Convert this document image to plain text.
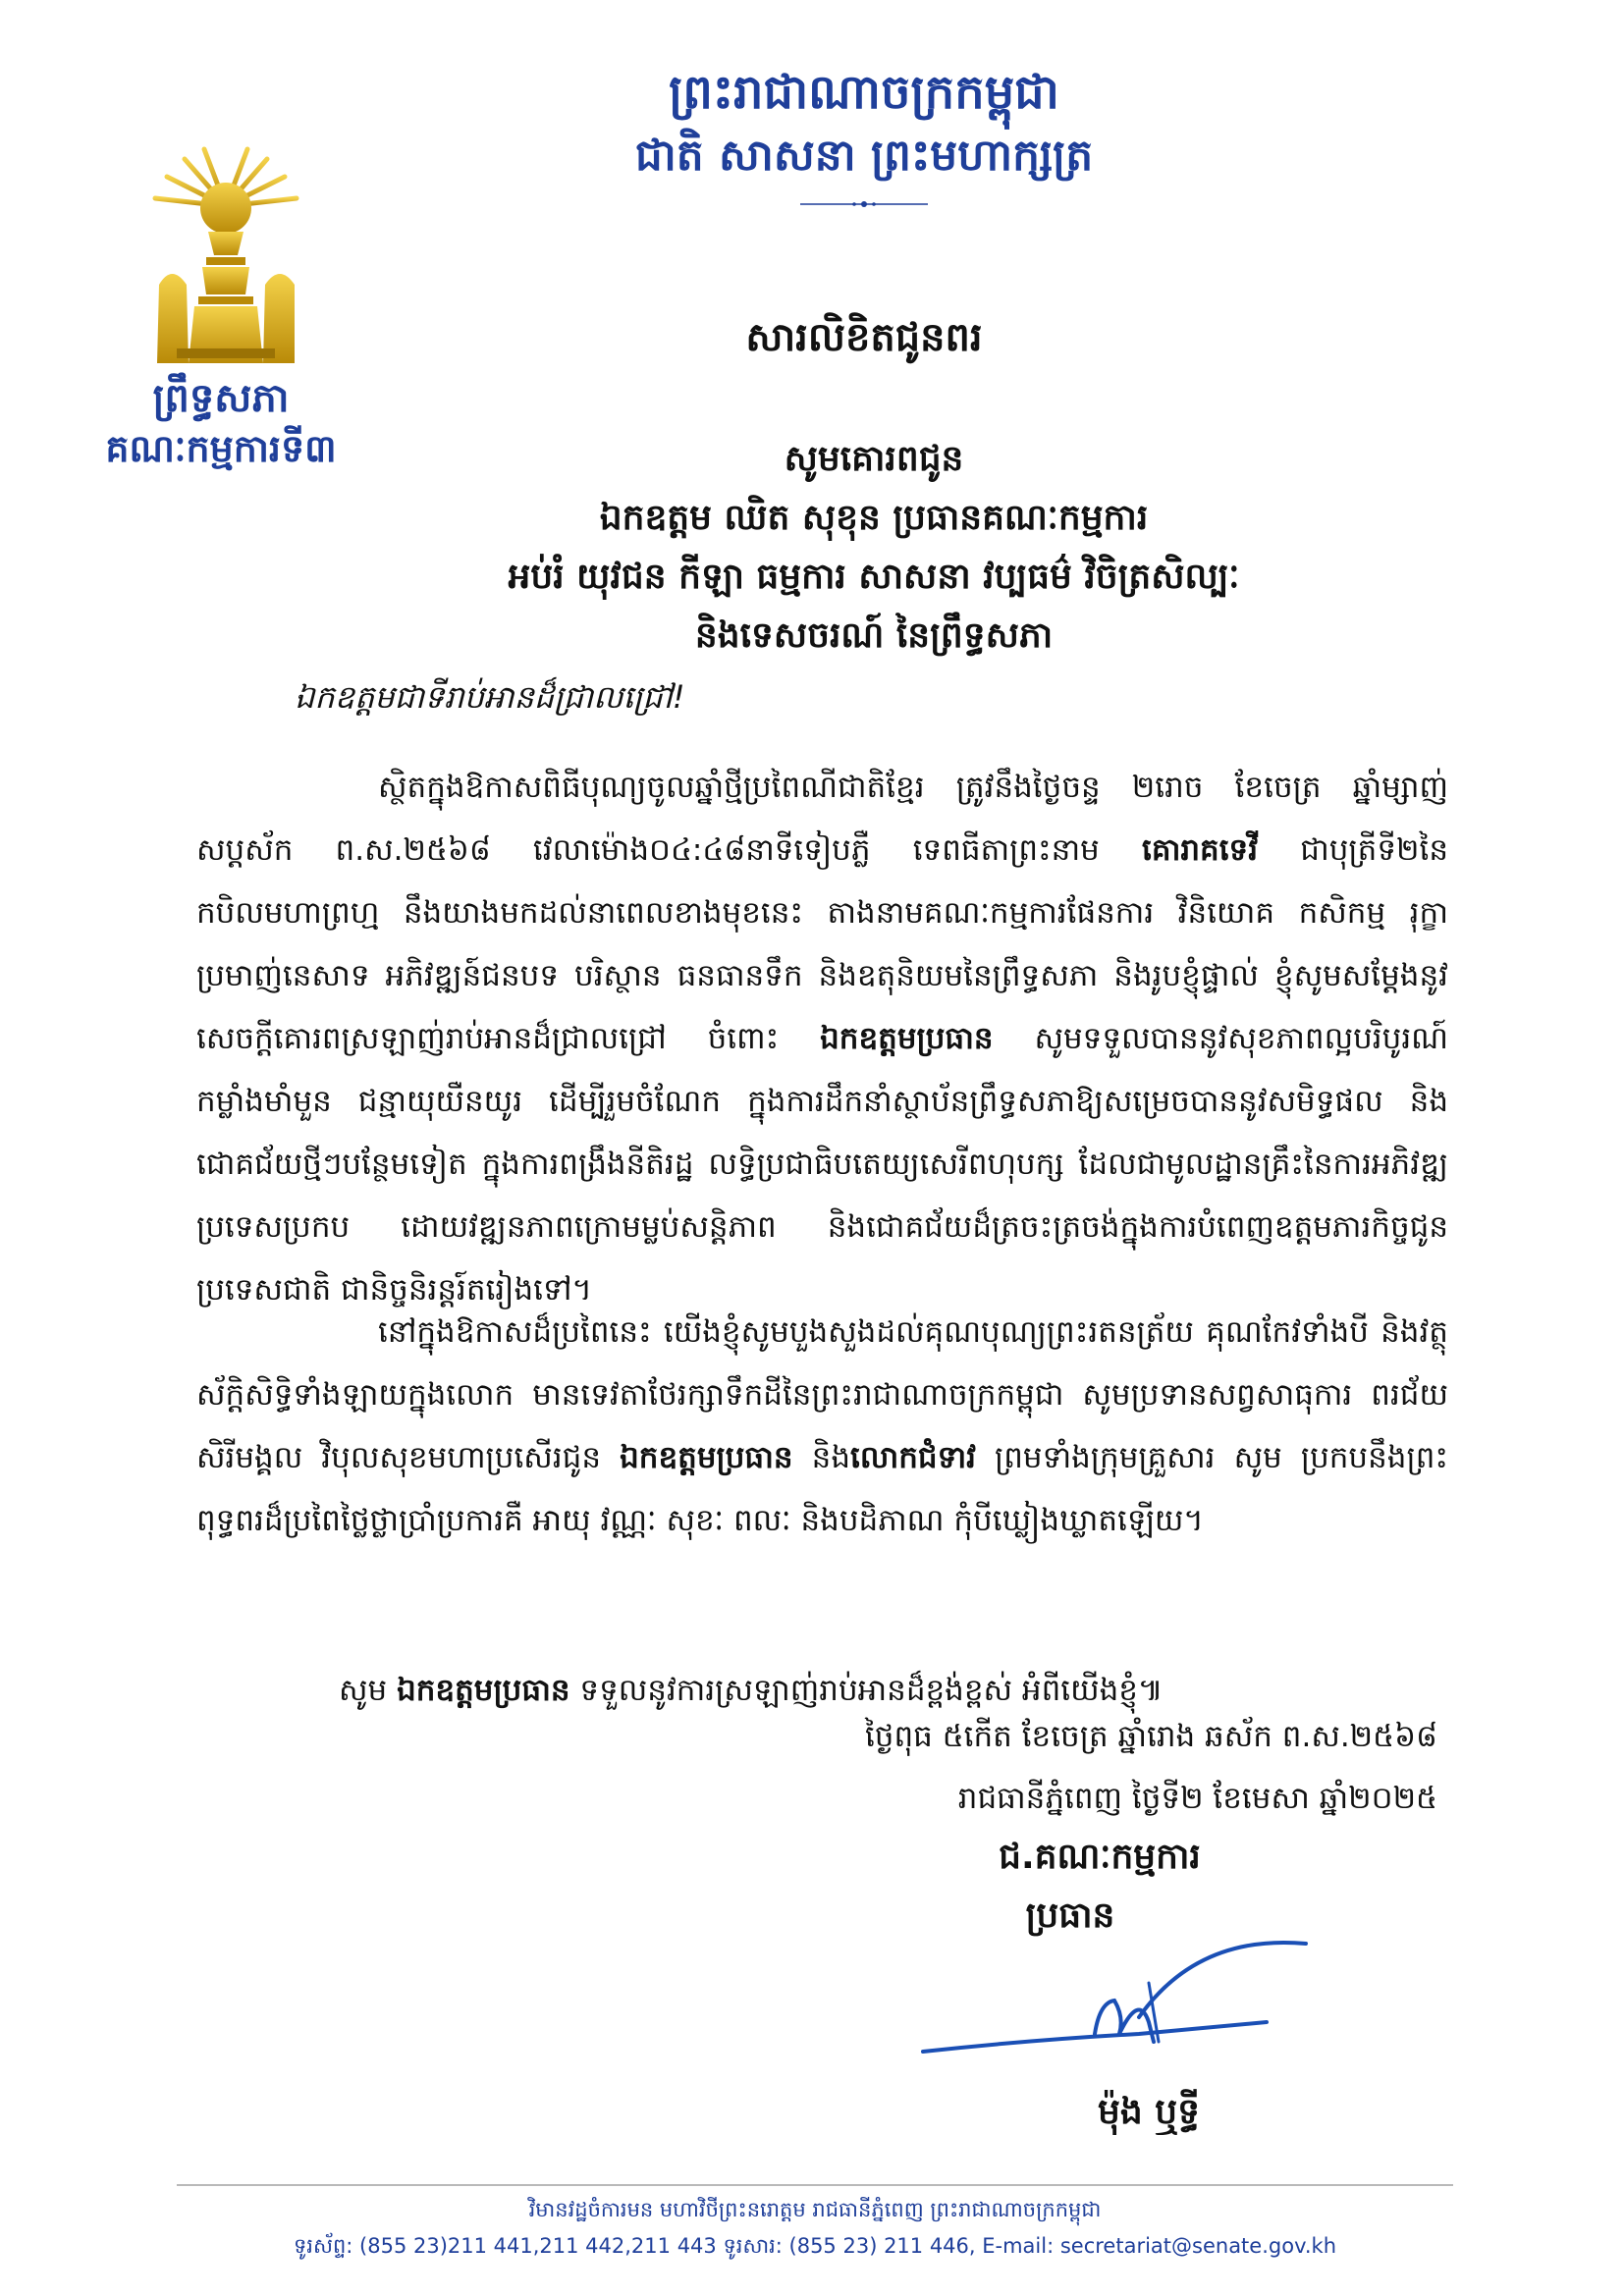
ព្រឹទ្ធសភា
គណៈកម្មការទី៣
ព្រះរាជាណាចក្រកម្ពុជា
ជាតិ សាសនា ព្រះមហាក្សត្រ
សារលិខិតជូនពរ
សូមគោរពជូន
ឯកឧត្តម ឈិត សុខុន ប្រធានគណៈកម្មការ
អប់រំ យុវជន កីឡា ធម្មការ សាសនា វប្បធម៌ វិចិត្រសិល្បៈ
និងទេសចរណ៍ នៃព្រឹទ្ធសភា
ឯកឧត្តមជាទីរាប់អានដ៏ជ្រាលជ្រៅ!
ស្ថិតក្នុងឱកាសពិធីបុណ្យចូលឆ្នាំថ្មីប្រពៃណីជាតិខ្មែរ ត្រូវនឹងថ្ងៃចន្ទ ២រោច ខែចេត្រ ឆ្នាំម្សាញ់ សប្តស័ក ព.ស.២៥៦៨ វេលាម៉ោង០៤:៤៨នាទីទៀបភ្លឺ ទេពធីតាព្រះនាម គោរាគទេវី ជាបុត្រីទី២នៃកបិលមហាព្រហ្ម នឹងយាងមកដល់នាពេលខាងមុខនេះ តាងនាមគណៈកម្មការផែនការ វិនិយោគ កសិកម្ម រុក្ខាប្រមាញ់នេសាទ អភិវឌ្ឍន៍ជនបទ បរិស្ថាន ធនធានទឹក និងឧតុនិយមនៃព្រឹទ្ធសភា និងរូបខ្ញុំផ្ទាល់ ខ្ញុំសូមសម្តែងនូវសេចក្តីគោរពស្រឡាញ់រាប់អានដ៏ជ្រាលជ្រៅ ចំពោះ ឯកឧត្តមប្រធាន សូមទទួលបាននូវសុខភាពល្អបរិបូរណ៍ កម្លាំងមាំមួន ជន្មាយុយឺនយូរ ដើម្បីរួមចំណែក ក្នុងការដឹកនាំស្ថាប័នព្រឹទ្ធសភាឱ្យសម្រេចបាននូវសមិទ្ធផល និងជោគជ័យថ្មីៗបន្ថែមទៀត ក្នុងការពង្រឹងនីតិរដ្ឋ លទ្ធិប្រជាធិបតេយ្យសេរីពហុបក្ស ដែលជាមូលដ្ឋានគ្រឹះនៃការអភិវឌ្ឍប្រទេសប្រកប ដោយវឌ្ឍនភាពក្រោមម្លប់សន្តិភាព និងជោគជ័យដ៏ត្រចះត្រចង់ក្នុងការបំពេញឧត្តមភារកិច្ចជូនប្រទេសជាតិ ជានិច្ចនិរន្តរ៍តរៀងទៅ។
នៅក្នុងឱកាសដ៏ប្រពៃនេះ យើងខ្ញុំសូមបួងសួងដល់គុណបុណ្យព្រះរតនត្រ័យ គុណកែវទាំងបី និងវត្ថុ ស័ក្តិសិទ្ធិទាំងឡាយក្នុងលោក មានទេវតាថែរក្សាទឹកដីនៃព្រះរាជាណាចក្រកម្ពុជា សូមប្រទានសព្វសាធុការ ពរជ័យ សិរីមង្គល វិបុលសុខមហាប្រសើរជូន ឯកឧត្តមប្រធាន និងលោកជំទាវ ព្រមទាំងក្រុមគ្រួសារ សូម ប្រកបនឹងព្រះពុទ្ធពរដ៏ប្រពៃថ្លៃថ្លាប្រាំប្រការគឺ អាយុ វណ្ណៈ សុខៈ ពលៈ និងបដិភាណ កុំបីឃ្លៀងឃ្លាតឡើយ។
សូម ឯកឧត្តមប្រធាន ទទួលនូវការស្រឡាញ់រាប់អានដ៏ខ្ពង់ខ្ពស់ អំពីយើងខ្ញុំ៕
ថ្ងៃពុធ ៥កើត ខែចេត្រ ឆ្នាំរោង ឆស័ក ព.ស.២៥៦៨
រាជធានីភ្នំពេញ ថ្ងៃទី២ ខែមេសា ឆ្នាំ២០២៥
ជ.គណៈកម្មការ
ប្រធាន
ម៉ុង ឬទ្ធី
វិមានវដ្ឋចំការមន មហាវិថីព្រះនរោត្តម រាជធានីភ្នំពេញ ព្រះរាជាណាចក្រកម្ពុជា
ទូរស័ព្ទ: (855 23)211 441,211 442,211 443 ទូរសារ: (855 23) 211 446, E-mail: secretariat@senate.gov.kh
